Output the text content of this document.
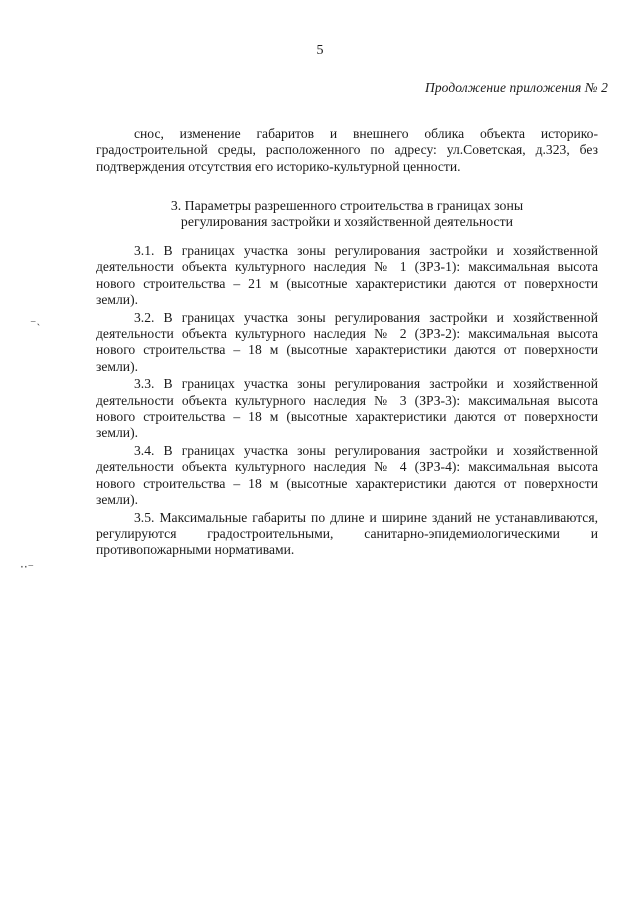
5
Продолжение приложения № 2

снос, изменение габаритов и внешнего облика объекта историко-градостроительной среды, расположенного по адресу: ул.Советская, д.323, без подтверждения отсутствия его историко-культурной ценности.

3. Параметры разрешенного строительства в границах зоны
регулирования застройки и хозяйственной деятельности

3.1. В границах участка зоны регулирования застройки и хозяйственной деятельности объекта культурного наследия № 1 (ЗРЗ-1): максимальная высота нового строительства – 21 м (высотные характеристики даются от поверхности земли).

3.2. В границах участка зоны регулирования застройки и хозяйственной деятельности объекта культурного наследия № 2 (ЗРЗ-2): максимальная высота нового строительства – 18 м (высотные характеристики даются от поверхности земли).

3.3. В границах участка зоны регулирования застройки и хозяйственной деятельности объекта культурного наследия № 3 (ЗРЗ-3): максимальная высота нового строительства – 18 м (высотные характеристики даются от поверхности земли).

3.4. В границах участка зоны регулирования застройки и хозяйственной деятельности объекта культурного наследия № 4 (ЗРЗ-4): максимальная высота нового строительства – 18 м (высотные характеристики даются от поверхности земли).

3.5. Максимальные габариты по длине и ширине зданий не устанавливаются, регулируются градостроительными, санитарно-эпидемиологическими и противопожарными нормативами.

⁻˴
··⁻
